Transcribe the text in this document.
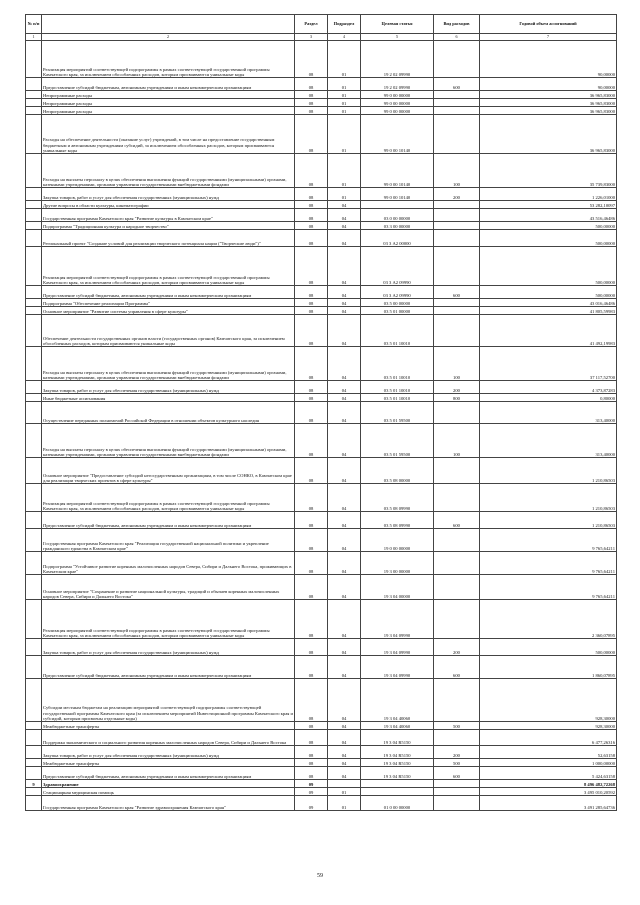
№ п/п		Раздел	Подраздел	Целевая статья	Вид расходов	Годовой объем ассигнований
1	2	3	4	5	6	7
	Реализация мероприятий соответствующей подпрограммы в рамках соответствующей государственной программы Камчатского края, за исключением обособленных расходов, которым присваиваются уникальные коды	08	01	19 2 02 09990		90,00000
	Предоставление субсидий бюджетным, автономным учреждениям и иным некоммерческим организациям	08	01	19 2 02 09990	600	90,00000
	Непрограммные расходы	08	01	99 0 00 00000		36 965,83000
	Непрограммные расходы	08	01	99 0 00 00000		36 965,83000
	Непрограммные расходы	08	01	99 0 00 00000		36 965,83000
	Расходы на обеспечение деятельности (оказание услуг) учреждений, в том числе на предоставление государственным бюджетным и автономным учреждениям субсидий, за исключением обособленных расходов, которым присваиваются уникальные коды	08	01	99 0 00 10140		36 965,83000
	Расходы на выплаты персоналу в целях обеспечения выполнения функций государственными (муниципальными) органами, казенными учреждениями, органами управления государственными внебюджетными фондами	08	01	99 0 00 10140	100	35 739,83000
	Закупка товаров, работ и услуг для обеспечения государственных (муниципальных) нужд	08	01	99 0 00 10140	200	1 226,01000
	Другие вопросы в области культуры, кинематографии	08	04			53 282,10097
	Государственная программа Камчатского края "Развитие культуры в Камчатском крае"	08	04	03 0 00 00000		43 516,46486
	Подпрограмма "Традиционная культура и народное творчество"	08	04	03 3 00 00000		500,00000
	Региональный проект "Создание условий для реализации творческого потенциала нации ("Творческие люди")"	08	04	03 3 А2 00000		500,00000
	Реализация мероприятий соответствующей подпрограммы в рамках соответствующей государственной программы Камчатского края, за исключением обособленных расходов, которым присваиваются уникальные коды	08	04	03 3 А2 09990		500,00000
	Предоставление субсидий бюджетным, автономным учреждениям и иным некоммерческим организациям	08	04	03 3 А2 09990	600	500,00000
	Подпрограмма "Обеспечение реализации Программы"	08	04	03 5 00 00000		43 016,46486
	Основное мероприятие "Развитие системы управления в сфере культуры"	08	04	03 5 01 00000		41 805,59983
	Обеспечение деятельности государственных органов власти (государственных органов) Камчатского края, за исключением обособленных расходов, которым присваиваются уникальные коды	08	04	03 5 01 10010		41 492,19983
	Расходы на выплаты персоналу в целях обеспечения выполнения функций государственными (муниципальными) органами, казенными учреждениями, органами управления государственными внебюджетными фондами	08	04	03 5 01 10010	100	37 117,52700
	Закупка товаров, работ и услуг для обеспечения государственных (муниципальных) нужд	08	04	03 5 01 10010	200	4 373,87283
	Иные бюджетные ассигнования	08	04	03 5 01 10010	800	0,80000
	Осуществление переданных полномочий Российской Федерации в отношении объектов культурного наследия	08	04	03 5 01 59500		313,40000
	Расходы на выплаты персоналу в целях обеспечения выполнения функций государственными (муниципальными) органами, казенными учреждениями, органами управления государственными внебюджетными фондами	08	04	03 5 01 59500	100	313,40000
	Основное мероприятие "Предоставление субсидий негосударственным организациям, в том числе СОНКО, в Камчатском крае для реализации творческих проектов в сфере культуры"	08	04	03 5 08 00000		1 210,86503
	Реализация мероприятий соответствующей подпрограммы в рамках соответствующей государственной программы Камчатского края, за исключением обособленных расходов, которым присваиваются уникальные коды	08	04	03 5 08 09990		1 210,86503
	Предоставление субсидий бюджетным, автономным учреждениям и иным некоммерческим организациям	08	04	03 5 08 09990	600	1 210,86503
	Государственная программа Камчатского края "Реализация государственной национальной политики и укрепление гражданского единства в Камчатском крае"	08	04	19 0 00 00000		9 765,64211
	Подпрограмма "Устойчивое развитие коренных малочисленных народов Севера, Сибири и Дальнего Востока, проживающих в Камчатском крае"	08	04	19 3 00 00000		9 765,64211
	Основное мероприятие "Сохранение и развитие национальной культуры, традиций и обычаев коренных малочисленных народов Севера, Сибири и Дальнего Востока"	08	04	19 3 04 00000		9 765,64211
	Реализация мероприятий соответствующей подпрограммы в рамках соответствующей государственной программы Камчатского края, за исключением обособленных расходов, которым присваиваются уникальные коды	08	04	19 3 04 09990		2 360,07895
	Закупка товаров, работ и услуг для обеспечения государственных (муниципальных) нужд	08	04	19 3 04 09990	200	500,00000
	Предоставление субсидий бюджетным, автономным учреждениям и иным некоммерческим организациям	08	04	19 3 04 09990	600	1 860,07895
	Субсидии местным бюджетам на реализацию мероприятий соответствующей подпрограммы соответствующей государственной программы Камчатского края (за исключением мероприятий Инвестиционной программы Камчатского края и субсидий, которым присвоены отдельные коды)	08	04	19 3 04 40060		928,30000
	Межбюджетные трансферты	08	04	19 3 04 40060	500	928,30000
	Поддержка экономического и социального развития коренных малочисленных народов Севера, Сибири и Дальнего Востока	08	04	19 3 04 R5150		6 477,26316
	Закупка товаров, работ и услуг для обеспечения государственных (муниципальных) нужд	08	04	19 3 04 R5150	200	52,63158
	Межбюджетные трансферты	08	04	19 3 04 R5150	500	1 000,00000
	Предоставление субсидий бюджетным, автономным учреждениям и иным некоммерческим организациям	08	04	19 3 04 R5150	600	5 424,63158
9	Здравоохранение	09				8 496 482,72268
	Стационарная медицинская помощь	09	01			3 495 010,20592
	Государственная программа Камчатского края "Развитие здравоохранения Камчатского края"	09	01	01 0 00 00000		3 491 285,64736
59
